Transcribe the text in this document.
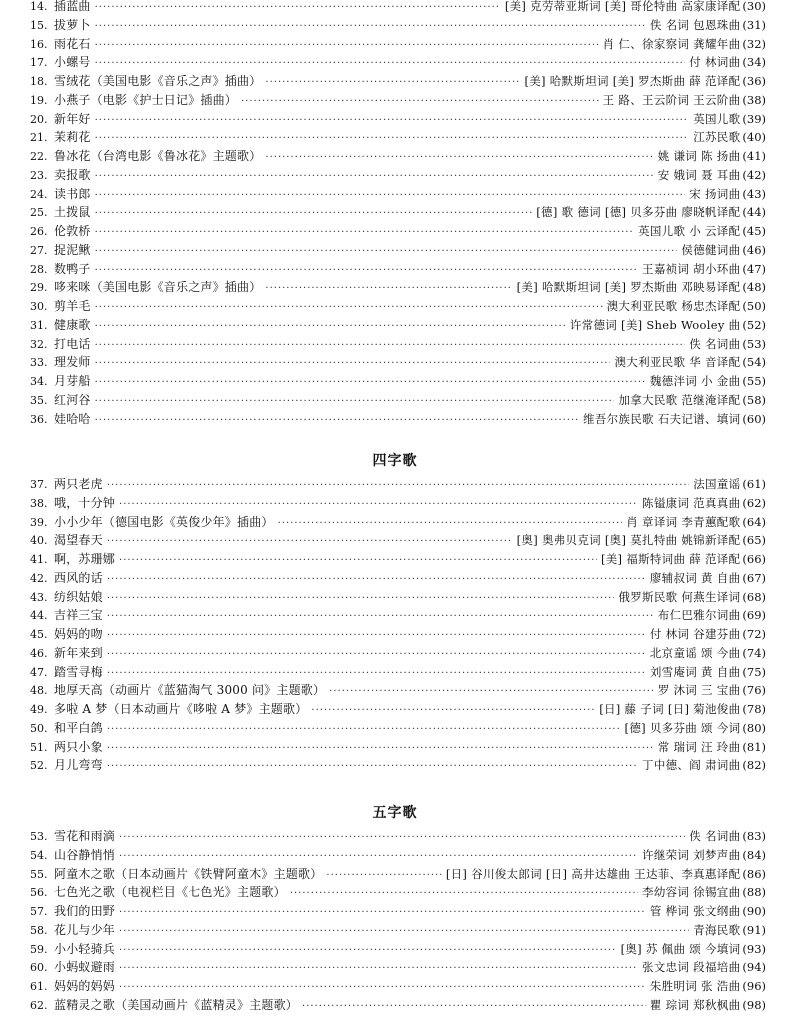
14. 插蓝曲 ·····	[美] 克劳蒂亚斯词 [美] 哥伦特曲 高家康译配 (30)
15. 拔萝卜 ·····	佚 名词 包恩珠曲 (31)
16. 雨花石 ·····	肖 仁、徐家察词 龚耀年曲 (32)
17. 小螺号 ·····	付 林词曲 (34)
18. 雪绒花（美国电影《音乐之声》插曲） ·····	[美] 哈默斯坦词 [美] 罗杰斯曲 薛 范译配 (36)
19. 小燕子（电影《护士日记》插曲） ·····	王 路、王云阶词 王云阶曲 (38)
20. 新年好 ·····	英国儿歌 (39)
21. 茉莉花 ·····	江苏民歌 (40)
22. 鲁冰花（台湾电影《鲁冰花》主题歌） ·····	姚 谦词 陈 扬曲 (41)
23. 卖报歌 ·····	安 娥词 聂 耳曲 (42)
24. 读书郎 ·····	宋 扬词曲 (43)
25. 土拨鼠 ·····	[德] 歌 德词 [德] 贝多芬曲 廖晓帆译配 (44)
26. 伦敦桥 ·····	英国儿歌 小 云译配 (45)
27. 捉泥鳅 ·····	侯德健词曲 (46)
28. 数鸭子 ·····	王嘉祯词 胡小环曲 (47)
29. 哆来咪（美国电影《音乐之声》插曲） ·····	[美] 哈默斯坦词 [美] 罗杰斯曲 邓映易译配 (48)
30. 剪羊毛 ·····	澳大利亚民歌 杨忠杰译配 (50)
31. 健康歌 ·····	许常德词 [美] Sheb Wooley 曲 (52)
32. 打电话 ·····	佚 名词曲 (53)
33. 理发师 ·····	澳大利亚民歌 华 音译配 (54)
34. 月芽船 ·····	魏德泮词 小 金曲 (55)
35. 红河谷 ·····	加拿大民歌 范继淹译配 (58)
36. 娃哈哈 ·····	维吾尔族民歌 石夫记谱、填词 (60)
四字歌
37. 两只老虎 ·····	法国童谣 (61)
38. 哦，十分钟 ·····	陈镒康词 范真真曲 (62)
39. 小小少年（德国电影《英俊少年》插曲） ·····	肖 章译词 李青蕙配歌 (64)
40. 渴望春天 ·····	[奥] 奥弗贝克词 [奥] 莫扎特曲 姚锦新译配 (65)
41. 啊，苏珊娜 ·····	[美] 福斯特词曲 薛 范译配 (66)
42. 西风的话 ·····	廖辅叔词 黄 自曲 (67)
43. 纺织姑娘 ·····	俄罗斯民歌 何燕生译词 (68)
44. 吉祥三宝 ·····	布仁巴雅尔词曲 (69)
45. 妈妈的吻 ·····	付 林词 谷建芬曲 (72)
46. 新年来到 ·····	北京童谣 颂 今曲 (74)
47. 踏雪寻梅 ·····	刘雪庵词 黄 自曲 (75)
48. 地厚天高（动画片《蓝猫淘气 3000 问》主题歌） ·····	罗 沐词 三 宝曲 (76)
49. 多啦 A 梦（日本动画片《哆啦 A 梦》主题歌） ·····	[日] 藤 子词 [日] 菊池俊曲 (78)
50. 和平白鸽 ·····	[德] 贝多芬曲 颂 今词 (80)
51. 两只小象 ·····	常 瑞词 汪 玲曲 (81)
52. 月儿弯弯 ·····	丁中德、阎 肃词曲 (82)
五字歌
53. 雪花和雨滴 ·····	佚 名词曲 (83)
54. 山谷静悄悄 ·····	许继荣词 刘梦声曲 (84)
55. 阿童木之歌（日本动画片《铁臂阿童木》主题歌） ·····	[日] 谷川俊太郎词 [日] 高井达雄曲 王达菲、李真惠译配 (86)
56. 七色光之歌（电视栏目《七色光》主题歌） ·····	李幼容词 徐锡宜曲 (88)
57. 我们的田野 ·····	管 桦词 张文纲曲 (90)
58. 花儿与少年 ·····	青海民歌 (91)
59. 小小轻骑兵 ·····	[奥] 苏 佩曲 颂 今填词 (93)
60. 小蚂蚁避雨 ·····	张文忠词 段福培曲 (94)
61. 妈妈的妈妈 ·····	朱胜明词 张 浩曲 (96)
62. 蓝精灵之歌（美国动画片《蓝精灵》主题歌） ·····	瞿 琮词 郑秋枫曲 (98)
